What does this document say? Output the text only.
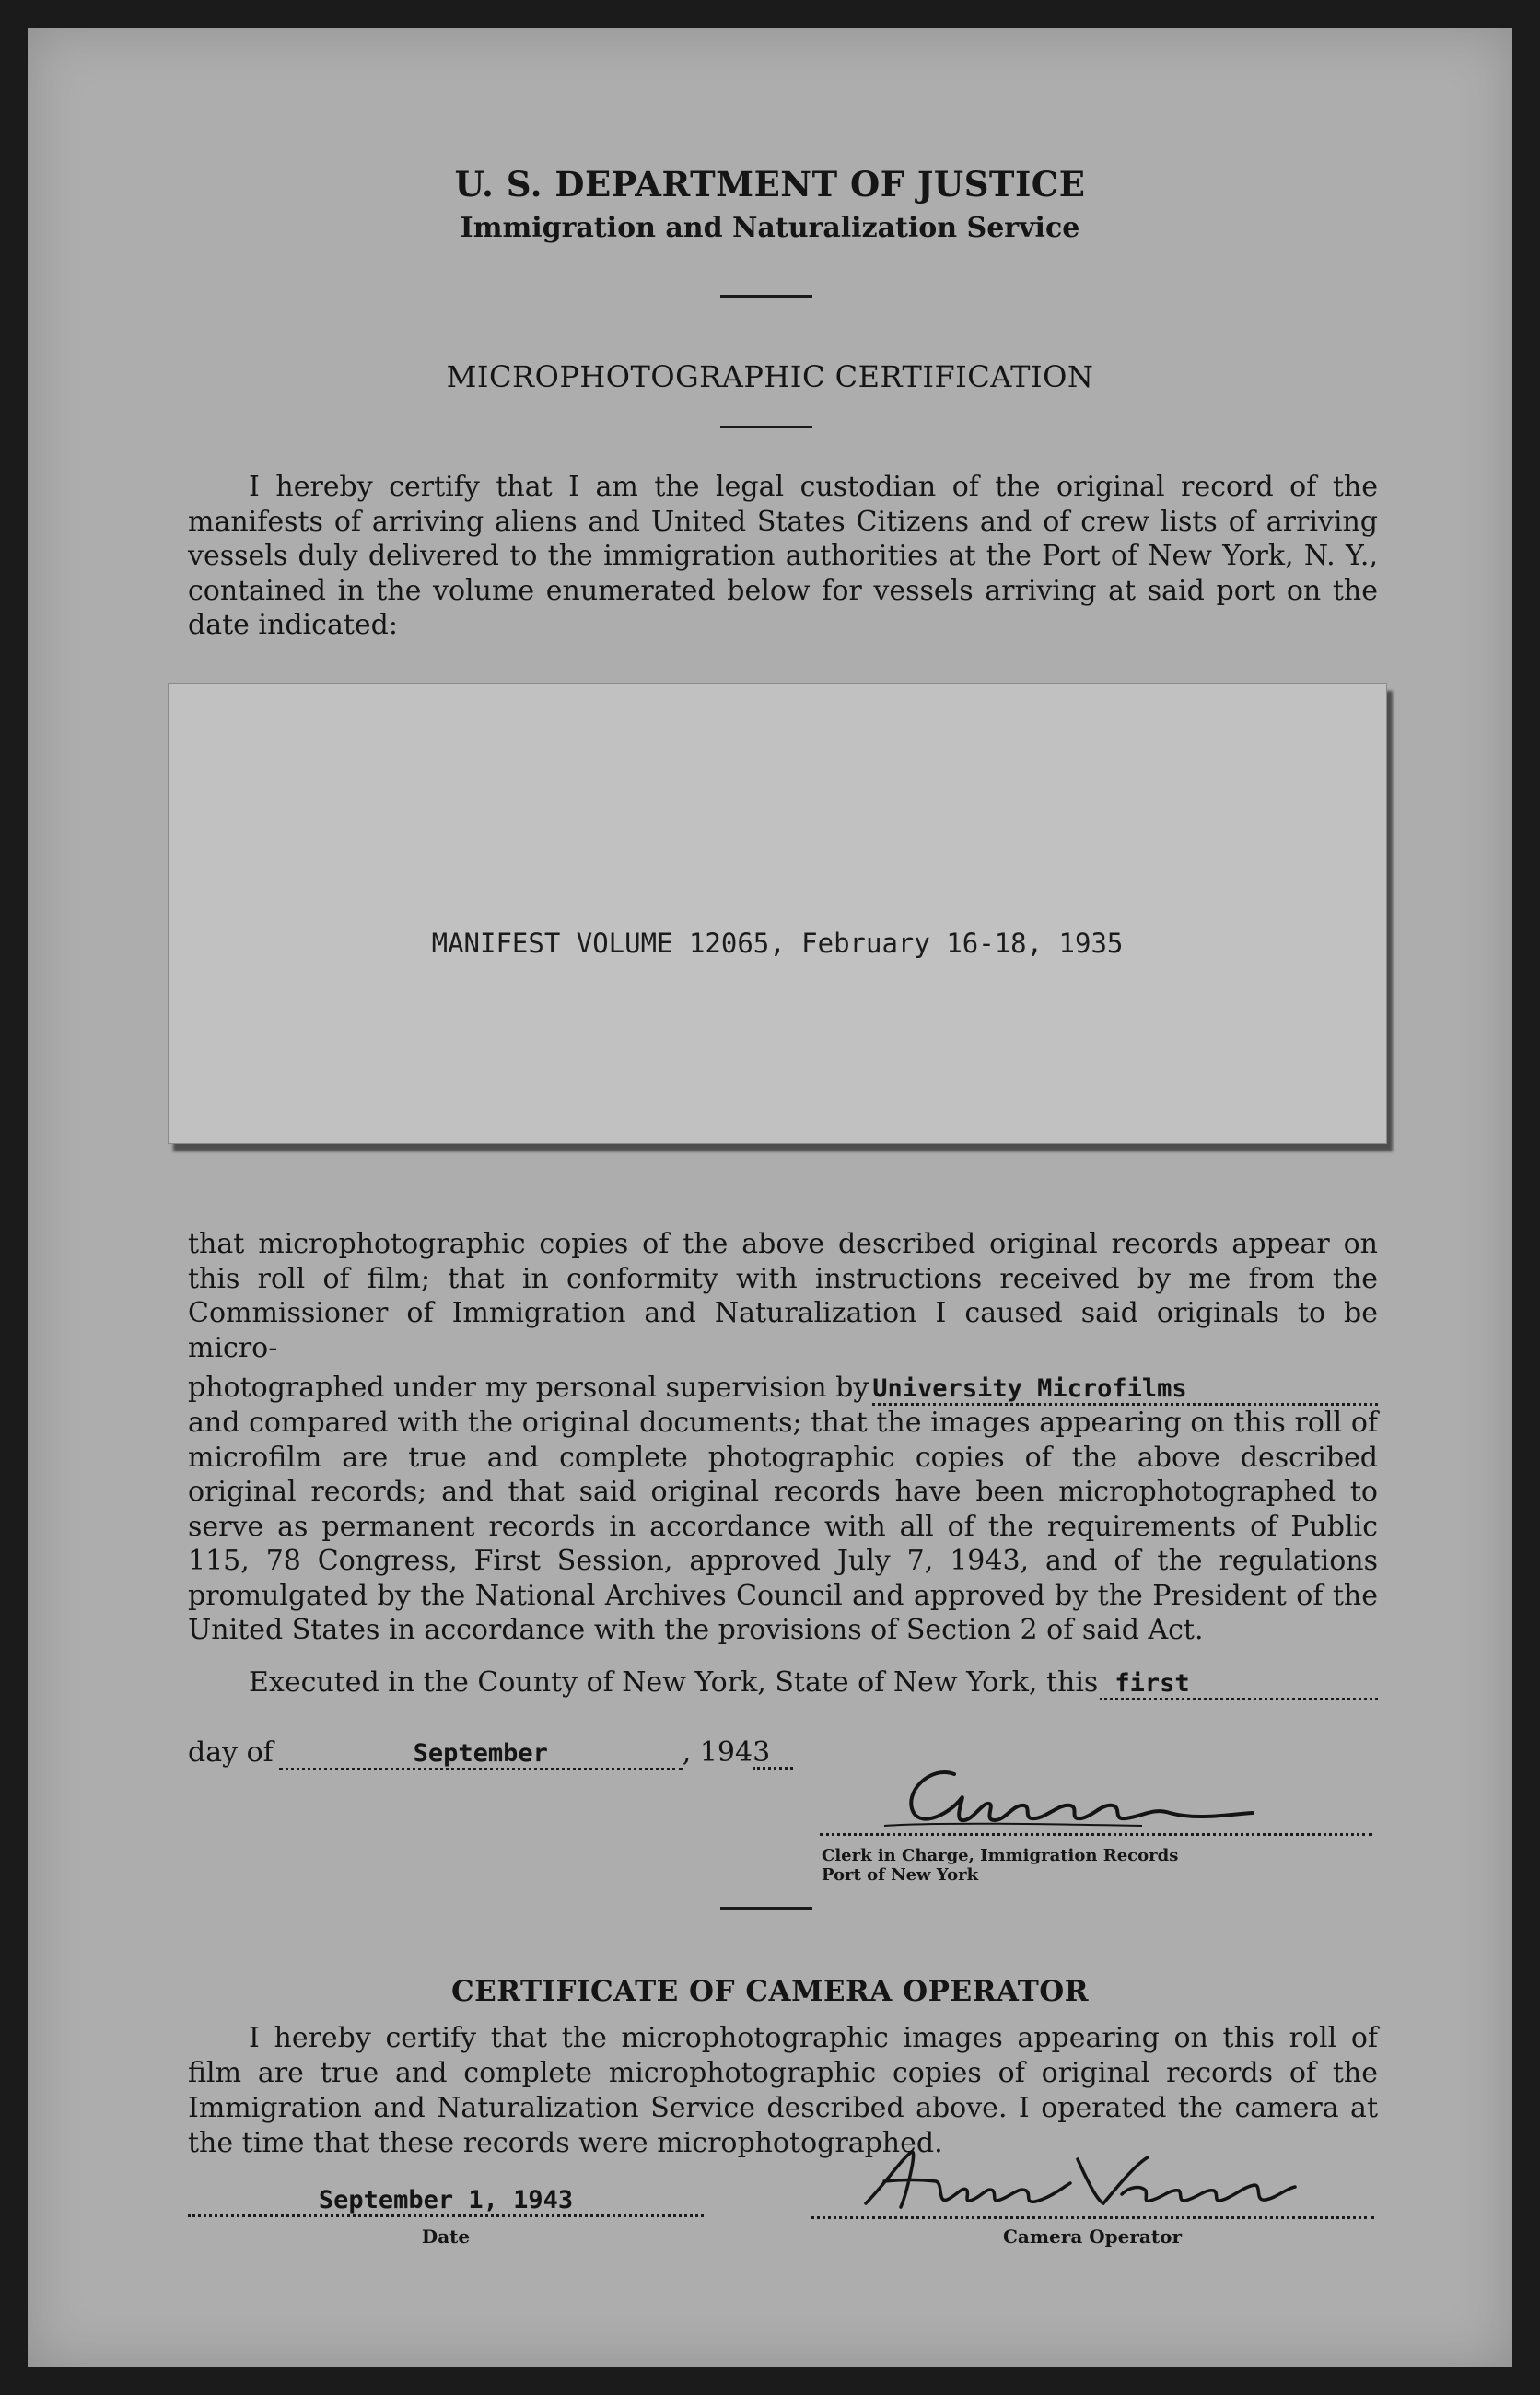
U. S. DEPARTMENT OF JUSTICE
Immigration and Naturalization Service
MICROPHOTOGRAPHIC CERTIFICATION

I hereby certify that I am the legal custodian of the original record of the manifests of arriving aliens and United States Citizens and of crew lists of arriving vessels duly delivered to the immigration authorities at the Port of New York, N. Y., contained in the volume enumerated below for vessels arriving at said port on the date indicated:

MANIFEST VOLUME 12065, February 16-18, 1935

that microphotographic copies of the above described original records appear on this roll of film; that in conformity with instructions received by me from the Commissioner of Immigration and Naturalization I caused said originals to be micro-

photographed under my personal supervision by University Microfilms

and compared with the original documents; that the images appearing on this roll of microfilm are true and complete photographic copies of the above described original records; and that said original records have been microphotographed to serve as permanent records in accordance with all of the requirements of Public 115, 78 Congress, First Session, approved July 7, 1943, and of the regulations promulgated by the National Archives Council and approved by the President of the United States in accordance with the provisions of Section 2 of said Act.

Executed in the County of New York, State of New York, this first
day of	September	, 194 3
Clerk in Charge, Immigration Records
Port of New York
CERTIFICATE OF CAMERA OPERATOR

I hereby certify that the microphotographic images appearing on this roll of film are true and complete microphotographic copies of original records of the Immigration and Naturalization Service described above. I operated the camera at the time that these records were microphotographed.

September 1, 1943
Date	Camera Operator
